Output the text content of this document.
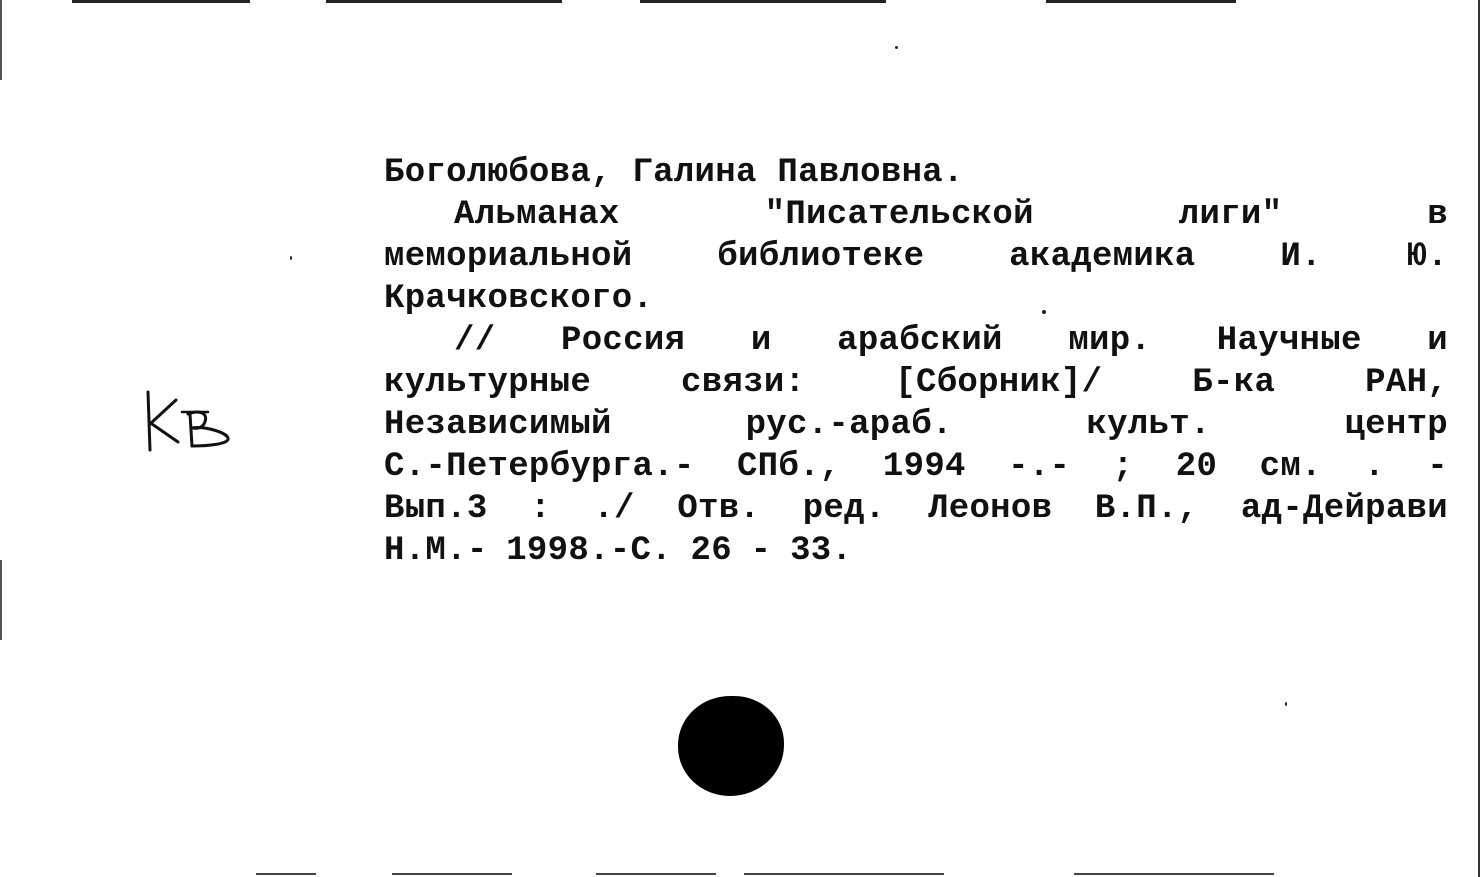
Боголюбова, Галина Павловна.
Альманах	"Писательской	лиги"	в
мемориальной библиотеке академика И. Ю.
Крачковского.
// Россия и арабский мир. Научные и
культурные	связи:	[Сборник]/	Б-ка	РАН,
Независимый	рус.-араб.	культ.	центр
С.-Петербурга.- СПб., 1994 -.- ; 20 см. . -
Вып.3 : ./ Отв. ред. Леонов В.П., ад-Дейрави
Н.М.- 1998.-С. 26 - 33.
